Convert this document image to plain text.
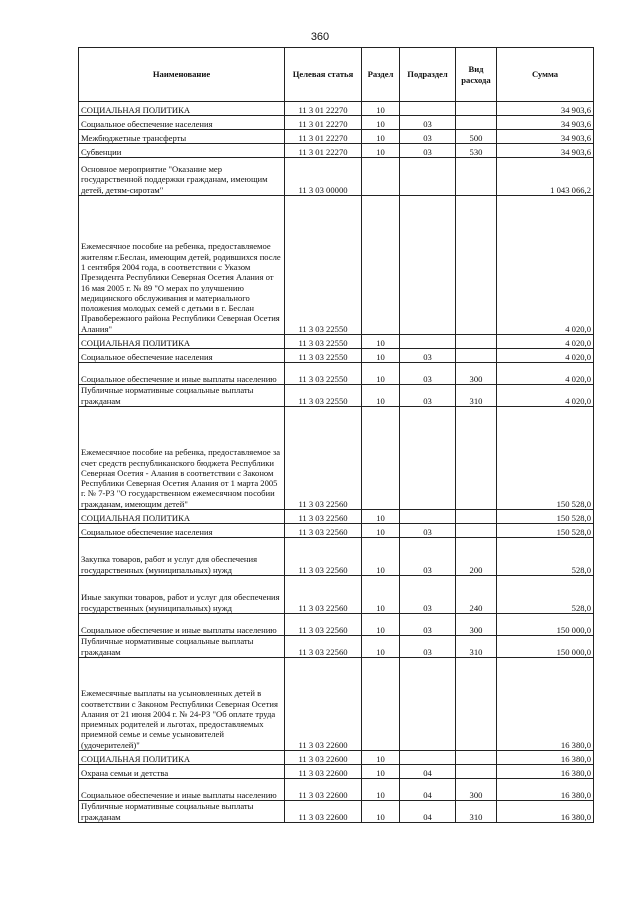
360
Наименование	Целевая статья	Раздел	Подраздел	Вид расхода	Сумма
СОЦИАЛЬНАЯ ПОЛИТИКА	11 3 01 22270	10			34 903,6
Социальное обеспечение населения	11 3 01 22270	10	03		34 903,6
Межбюджетные трансферты	11 3 01 22270	10	03	500	34 903,6
Субвенции	11 3 01 22270	10	03	530	34 903,6
Основное мероприятие "Оказание мер государственной поддержки гражданам, имеющим детей, детям-сиротам"	11 3 03 00000				1 043 066,2
Ежемесячное пособие на ребенка, предоставляемое жителям г.Беслан, имеющим детей, родившихся после 1 сентября 2004 года, в соответствии с Указом Президента Республики Северная Осетия Алания от 16 мая 2005 г. № 89 "О мерах по улучшению медицинского обслуживания и материального положения молодых семей с детьми в г. Беслан Правобережного района Республики Северная Осетия Алания"	11 3 03 22550				4 020,0
СОЦИАЛЬНАЯ ПОЛИТИКА	11 3 03 22550	10			4 020,0
Социальное обеспечение населения	11 3 03 22550	10	03		4 020,0
Социальное обеспечение и иные выплаты населению	11 3 03 22550	10	03	300	4 020,0
Публичные нормативные социальные выплаты гражданам	11 3 03 22550	10	03	310	4 020,0
Ежемесячное пособие на ребенка, предоставляемое за счет средств республиканского бюджета Республики Северная Осетия - Алания в соответствии с Законом Республики Северная Осетия Алания от 1 марта 2005 г. № 7-РЗ "О государственном ежемесячном пособии гражданам, имеющим детей"	11 3 03 22560				150 528,0
СОЦИАЛЬНАЯ ПОЛИТИКА	11 3 03 22560	10			150 528,0
Социальное обеспечение населения	11 3 03 22560	10	03		150 528,0
Закупка товаров, работ и услуг для обеспечения государственных (муниципальных) нужд	11 3 03 22560	10	03	200	528,0
Иные закупки товаров, работ и услуг для обеспечения государственных (муниципальных) нужд	11 3 03 22560	10	03	240	528,0
Социальное обеспечение и иные выплаты населению	11 3 03 22560	10	03	300	150 000,0
Публичные нормативные социальные выплаты гражданам	11 3 03 22560	10	03	310	150 000,0
Ежемесячные выплаты на усыновленных детей в соответствии с Законом Республики Северная Осетия Алания от 21 июня 2004 г. № 24-РЗ "Об оплате труда приемных родителей и льготах, предоставляемых приемной семье и семье усыновителей (удочерителей)"	11 3 03 22600				16 380,0
СОЦИАЛЬНАЯ ПОЛИТИКА	11 3 03 22600	10			16 380,0
Охрана семьи и детства	11 3 03 22600	10	04		16 380,0
Социальное обеспечение и иные выплаты населению	11 3 03 22600	10	04	300	16 380,0
Публичные нормативные социальные выплаты гражданам	11 3 03 22600	10	04	310	16 380,0
